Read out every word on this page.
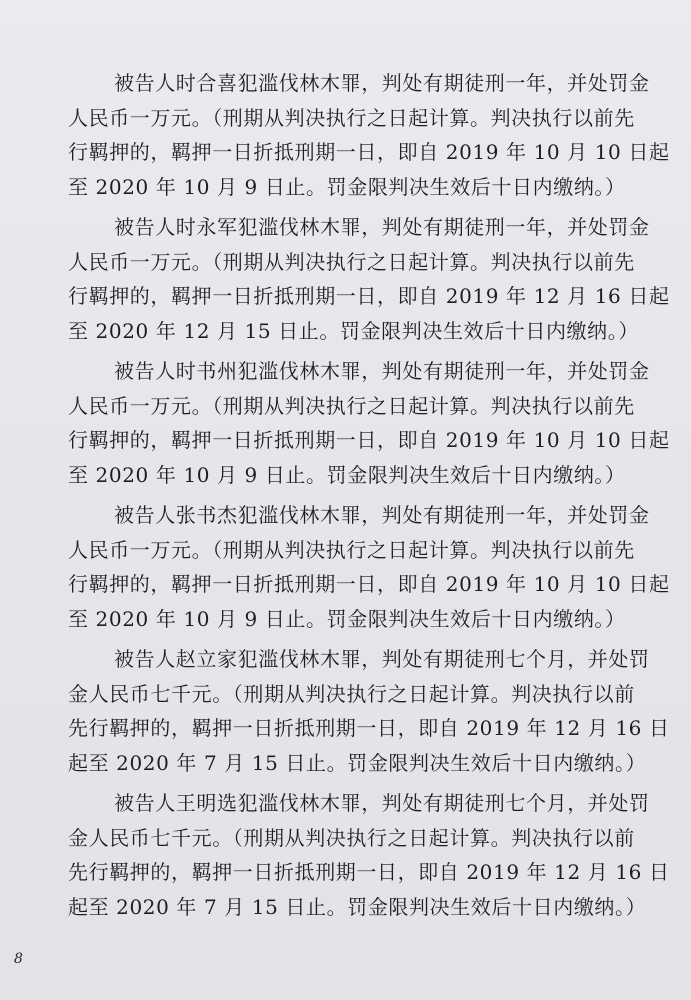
被告人时合喜犯滥伐林木罪，判处有期徒刑一年，并处罚金
人民币一万元。（刑期从判决执行之日起计算。判决执行以前先
行羁押的，羁押一日折抵刑期一日，即自 2019 年 10 月 10 日起
至 2020 年 10 月 9 日止。罚金限判决生效后十日内缴纳。）

被告人时永军犯滥伐林木罪，判处有期徒刑一年，并处罚金
人民币一万元。（刑期从判决执行之日起计算。判决执行以前先
行羁押的，羁押一日折抵刑期一日，即自 2019 年 12 月 16 日起
至 2020 年 12 月 15 日止。罚金限判决生效后十日内缴纳。）

被告人时书州犯滥伐林木罪，判处有期徒刑一年，并处罚金
人民币一万元。（刑期从判决执行之日起计算。判决执行以前先
行羁押的，羁押一日折抵刑期一日，即自 2019 年 10 月 10 日起
至 2020 年 10 月 9 日止。罚金限判决生效后十日内缴纳。）

被告人张书杰犯滥伐林木罪，判处有期徒刑一年，并处罚金
人民币一万元。（刑期从判决执行之日起计算。判决执行以前先
行羁押的，羁押一日折抵刑期一日，即自 2019 年 10 月 10 日起
至 2020 年 10 月 9 日止。罚金限判决生效后十日内缴纳。）

被告人赵立家犯滥伐林木罪，判处有期徒刑七个月，并处罚
金人民币七千元。（刑期从判决执行之日起计算。判决执行以前
先行羁押的，羁押一日折抵刑期一日，即自 2019 年 12 月 16 日
起至 2020 年 7 月 15 日止。罚金限判决生效后十日内缴纳。）

被告人王明选犯滥伐林木罪，判处有期徒刑七个月，并处罚
金人民币七千元。（刑期从判决执行之日起计算。判决执行以前
先行羁押的，羁押一日折抵刑期一日，即自 2019 年 12 月 16 日
起至 2020 年 7 月 15 日止。罚金限判决生效后十日内缴纳。）

8
